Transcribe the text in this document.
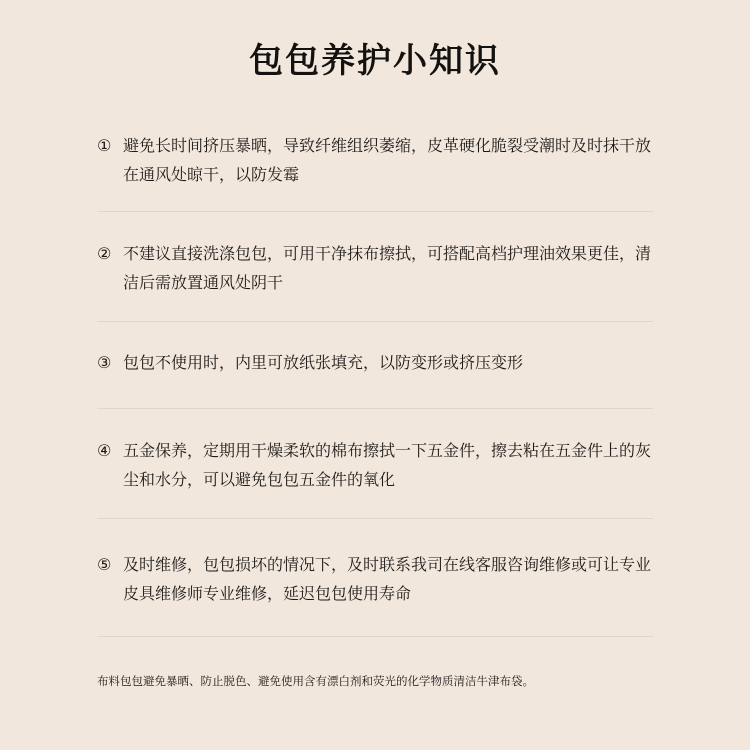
包包养护小知识
① 避免长时间挤压暴晒，导致纤维组织萎缩，皮革硬化脆裂受潮时及时抹干放在通风处晾干，以防发霉
② 不建议直接洗涤包包，可用干净抹布擦拭，可搭配高档护理油效果更佳，清洁后需放置通风处阴干
③ 包包不使用时，内里可放纸张填充，以防变形或挤压变形
④ 五金保养，定期用干燥柔软的棉布擦拭一下五金件，擦去粘在五金件上的灰尘和水分，可以避免包包五金件的氧化
⑤ 及时维修，包包损坏的情况下，及时联系我司在线客服咨询维修或可让专业皮具维修师专业维修，延迟包包使用寿命
布料包包避免暴晒、防止脱色、避免使用含有漂白剂和荧光的化学物质清洁牛津布袋。
